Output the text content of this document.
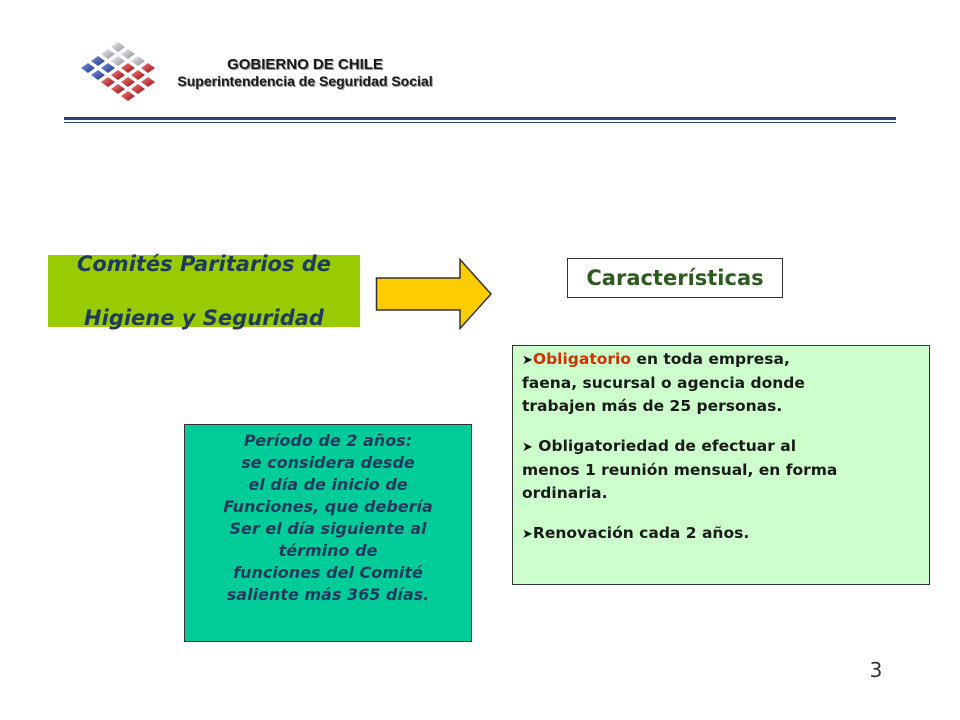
GOBIERNO DE CHILE
Superintendencia de Seguridad Social

Comités Paritarios de

Higiene y Seguridad

Características
Período de 2 años:
se considera desde
el día de inicio de
Funciones, que debería
Ser el día siguiente al
término de
funciones del Comité
saliente más 365 días.
➤Obligatorio en toda empresa,
faena, sucursal o agencia donde
trabajen más de 25 personas.
➤ Obligatoriedad de efectuar al
menos 1 reunión mensual, en forma
ordinaria.
➤Renovación cada 2 años.
3
